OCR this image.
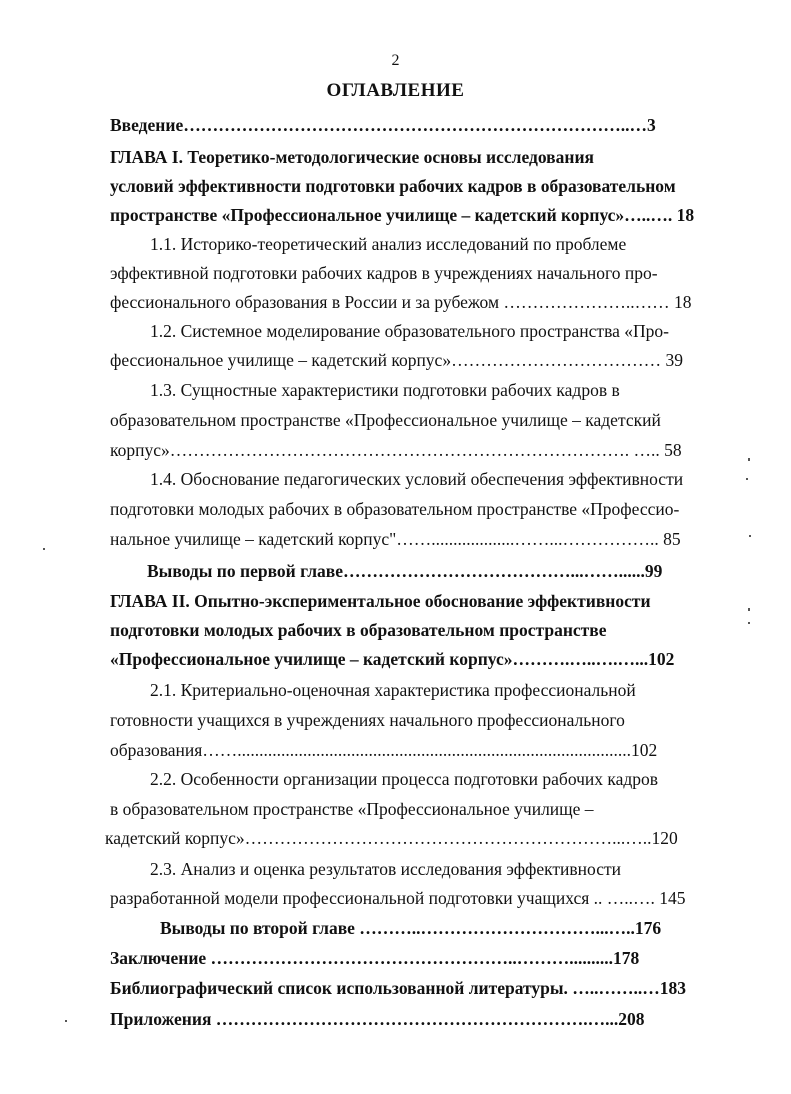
2
ОГЛАВЛЕНИЕ
Введение…………………………………………………………………..…3
ГЛАВА I. Теоретико-методологические основы исследования
условий эффективности подготовки рабочих кадров в образовательном
пространстве «Профессиональное училище – кадетский корпус»…..…. 18
1.1. Историко-теоретический анализ исследований по проблеме
эффективной подготовки рабочих кадров в учреждениях начального про-
фессионального образования в России и за рубежом …………………..…… 18
1.2. Системное моделирование образовательного пространства «Про-
фессиональное училище – кадетский корпус»……………………………… 39
1.3. Сущностные характеристики подготовки рабочих кадров в
образовательном пространстве «Профессиональное училище – кадетский
корпус»……………………………………………………………………. ….. 58
1.4. Обоснование педагогических условий обеспечения эффективности
подготовки молодых рабочих в образовательном пространстве «Профессио-
нальное училище – кадетский корпус"……...................……...…………….. 85
Выводы по первой главе…………………………………...……......99
ГЛАВА II. Опытно-экспериментальное обоснование эффективности
подготовки молодых рабочих в образовательном пространстве
«Профессиональное училище – кадетский корпус»……….…..….…...102
2.1. Критериально-оценочная характеристика профессиональной
готовности учащихся в учреждениях начального профессионального
образования……..........................................................................................102
2.2. Особенности организации процесса подготовки рабочих кадров
в образовательном пространстве «Профессиональное училище –
кадетский корпус»………………………………………………………...…..120
2.3. Анализ и оценка результатов исследования эффективности
разработанной модели профессиональной подготовки учащихся .. …..…. 145
Выводы по второй главе ………..…………………………...…..176
Заключение ……………………………………………..………..........178
Библиографический список использованной литературы. …..……..…183
Приложения ……………………………………………………….…...208
